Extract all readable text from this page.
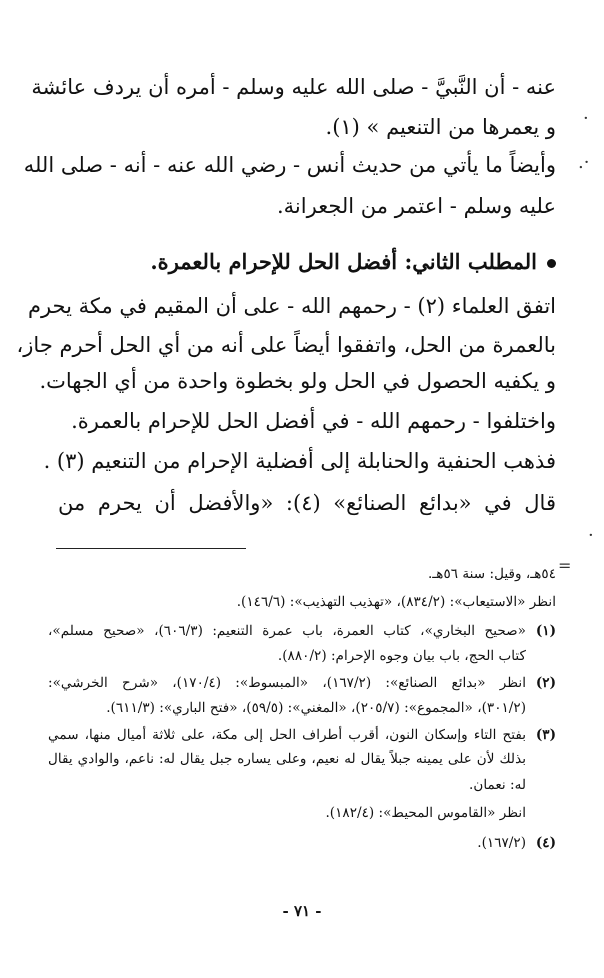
·
·.
·
=
عنه - أن النَّبيَّ - صلى الله عليه وسلم - أمره أن يردف عائشة
و يعمرها من التنعيم » (١).
وأيضاً ما يأتي من حديث أنس - رضي الله عنه - أنه - صلى الله
عليه وسلم - اعتمر من الجعرانة.
المطلب الثاني: أفضل الحل للإحرام بالعمرة.
اتفق العلماء (٢) - رحمهم الله - على أن المقيم في مكة يحرم
بالعمرة من الحل، واتفقوا أيضاً على أنه من أي الحل أحرم جاز،
و يكفيه الحصول في الحل ولو بخطوة واحدة من أي الجهات.
واختلفوا - رحمهم الله - في أفضل الحل للإحرام بالعمرة.
فذهب الحنفية والحنابلة إلى أفضلية الإحرام من التنعيم (٣) .
قال في «بدائع الصنائع» (٤): «والأفضل أن يحرم من
٥٤هـ، وقيل: سنة ٥٦هـ.
انظر «الاستيعاب»: (٨٣٤/٢)، «تهذيب التهذيب»: (١٤٦/٦).
(١)
«صحيح البخاري»، كتاب العمرة، باب عمرة التنعيم: (٦٠٦/٣)، «صحيح مسلم»،
كتاب الحج، باب بيان وجوه الإحرام: (٨٨٠/٢).
(٢)
انظر «بدائع الصنائع»: (١٦٧/٢)، «المبسوط»: (١٧٠/٤)، «شرح الخرشي»:
(٣٠١/٢)، «المجموع»: (٢٠٥/٧)، «المغني»: (٥٩/٥)، «فتح الباري»: (٦١١/٣).
(٣)
بفتح التاء وإسكان النون، أقرب أطراف الحل إلى مكة، على ثلاثة أميال منها، سمي
بذلك لأن على يمينه جبلاً يقال له نعيم، وعلى يساره جبل يقال له: ناعم، والوادي يقال
له: نعمان.
انظر «القاموس المحيط»: (١٨٢/٤).
(٤)
(١٦٧/٢).
- ٧١ -
